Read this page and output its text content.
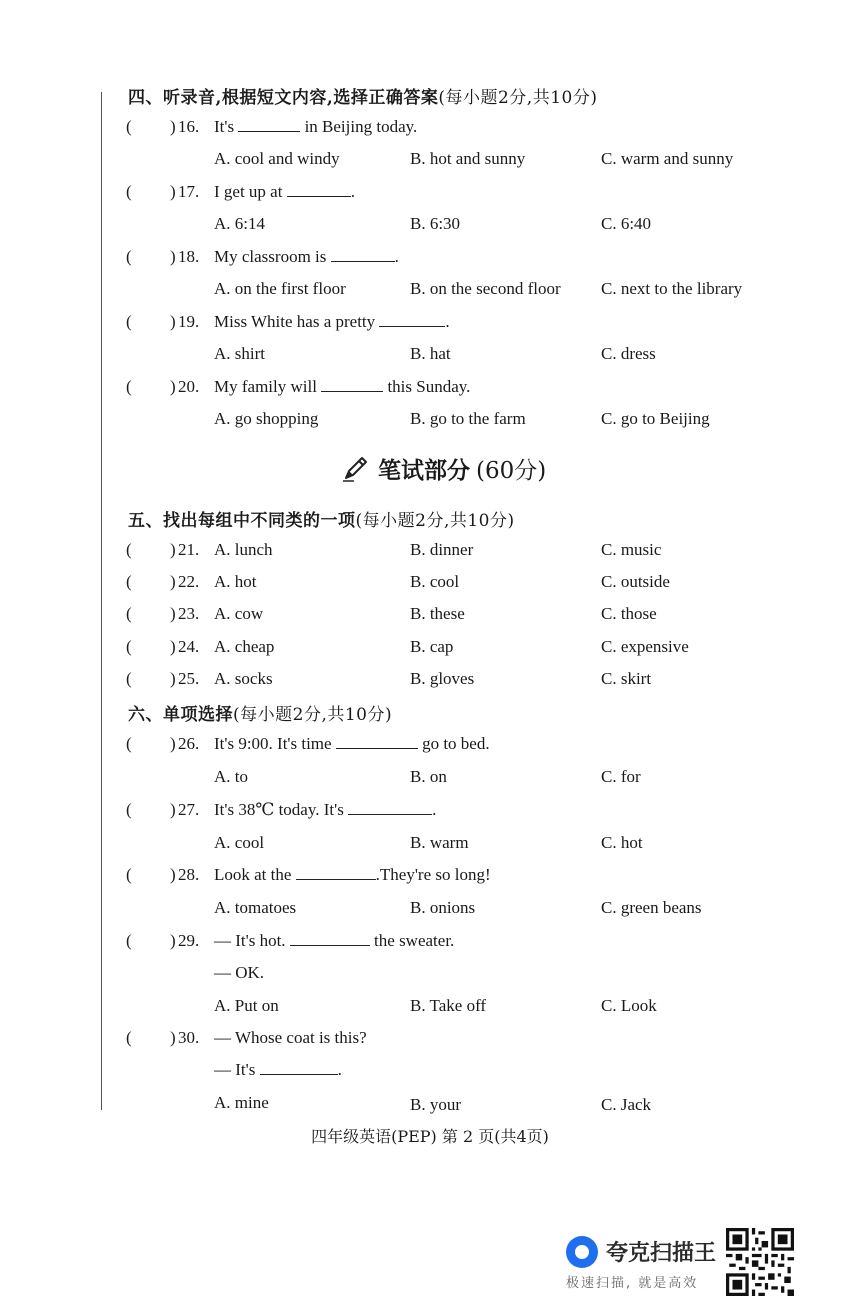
四、听录音,根据短文内容,选择正确答案(每小题2分,共10分)
( ) 16. It's	in Beijing today.
A. cool and windy	B. hot and sunny	C. warm and sunny
( ) 17. I get up at	.
A. 6:14	B. 6:30	C. 6:40
( ) 18. My classroom is	.
A. on the first floor	B. on the second floor C. next to the library
( ) 19. Miss White has a pretty	.
A. shirt	B. hat	C. dress
( ) 20. My family will	this Sunday.
A. go shopping	B. go to the farm	C. go to Beijing
笔试部分 (60分)
五、找出每组中不同类的一项(每小题2分,共10分)
( ) 21. A. lunch	B. dinner	C. music
( ) 22. A. hot	B. cool	C. outside
( ) 23. A. cow	B. these	C. those
( ) 24. A. cheap	B. cap	C. expensive
( ) 25. A. socks	B. gloves	C. skirt
六、单项选择(每小题2分,共10分)
( ) 26. It's 9:00. It's time	go to bed.
A. to	B. on	C. for
( ) 27. It's 38℃ today. It's	.
A. cool	B. warm	C. hot
( ) 28. Look at the	.They're so long!
A. tomatoes	B. onions	C. green beans
( ) 29. — It's hot.	the sweater.
— OK.
A. Put on	B. Take off	C. Look
( ) 30. — Whose coat is this?
— It's	.
A. mine	B. your	C. Jack
四年级英语(PEP) 第 2 页(共4页)
夸克扫描王
极速扫描, 就是高效
